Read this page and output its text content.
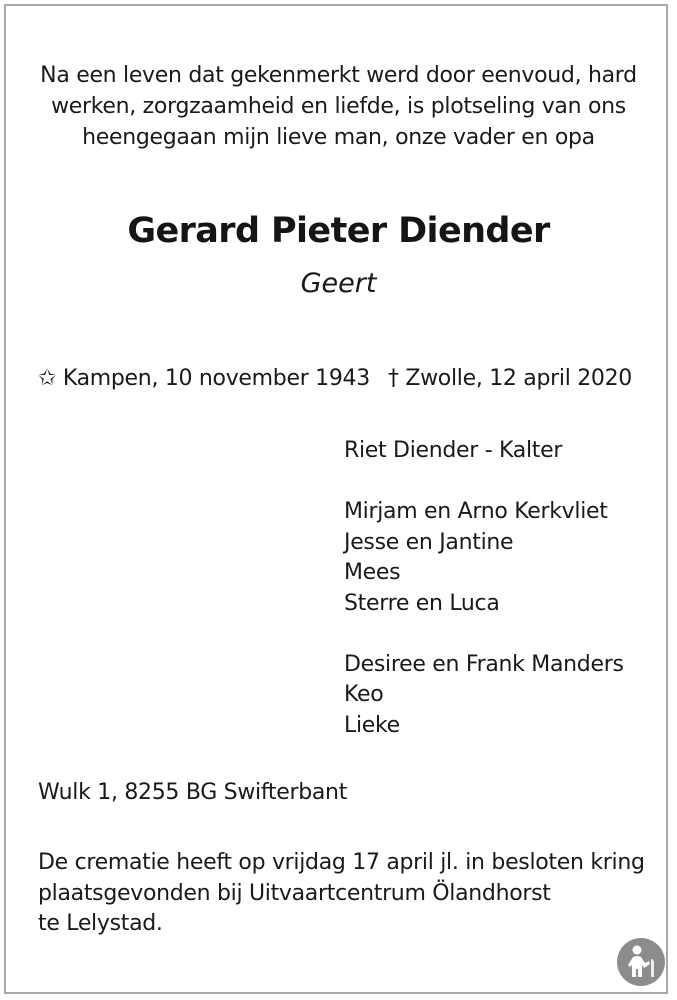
Na een leven dat gekenmerkt werd door eenvoud, hard
werken, zorgzaamheid en liefde, is plotseling van ons
heengegaan mijn lieve man, onze vader en opa
Gerard Pieter Diender
Geert
✩ Kampen, 10 november 1943 † Zwolle, 12 april 2020
Riet Diender - Kalter
Mirjam en Arno Kerkvliet
Jesse en Jantine
Mees
Sterre en Luca
Desiree en Frank Manders
Keo
Lieke
Wulk 1, 8255 BG Swifterbant
De crematie heeft op vrijdag 17 april jl. in besloten kring
plaatsgevonden bij Uitvaartcentrum Ölandhorst
te Lelystad.
